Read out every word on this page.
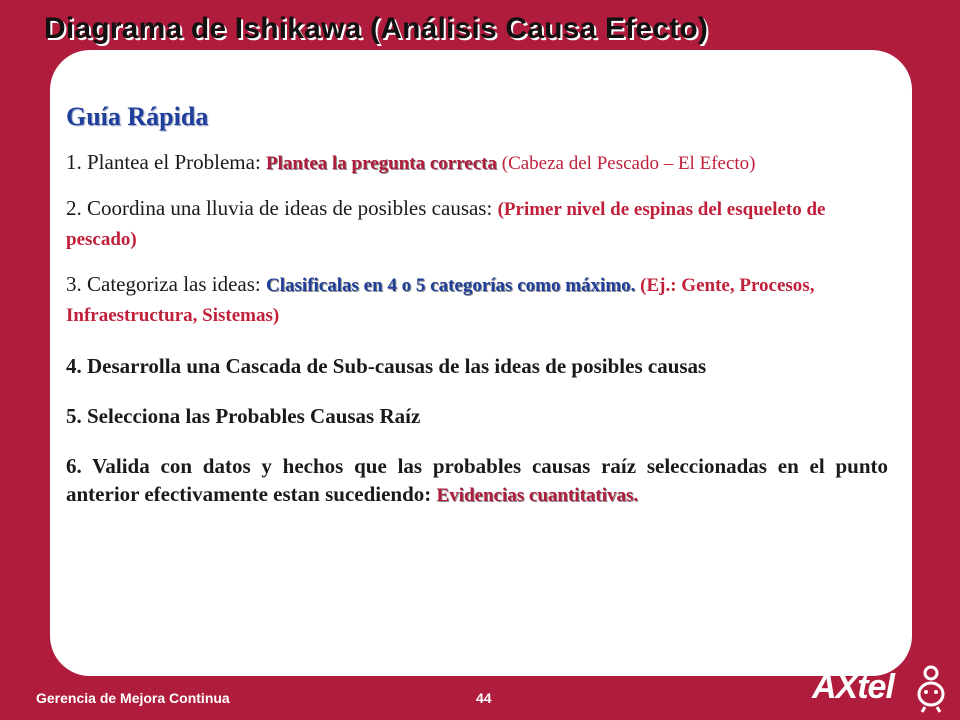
Diagrama de Ishikawa (Análisis Causa Efecto)
Guía Rápida
1. Plantea el Problema: Plantea la pregunta correcta (Cabeza del Pescado – El Efecto)
2. Coordina una lluvia de ideas de posibles causas: (Primer nivel de espinas del esqueleto de pescado)
3. Categoriza las ideas: Clasificalas en 4 o 5 categorías como máximo. (Ej.: Gente, Procesos, Infraestructura, Sistemas)
4. Desarrolla una Cascada de Sub-causas de las ideas de posibles causas
5. Selecciona las Probables Causas Raíz
6. Valida con datos y hechos que las probables causas raíz seleccionadas en el punto anterior efectivamente estan sucediendo: Evidencias cuantitativas.
Gerencia de Mejora Continua	44	AXtel
